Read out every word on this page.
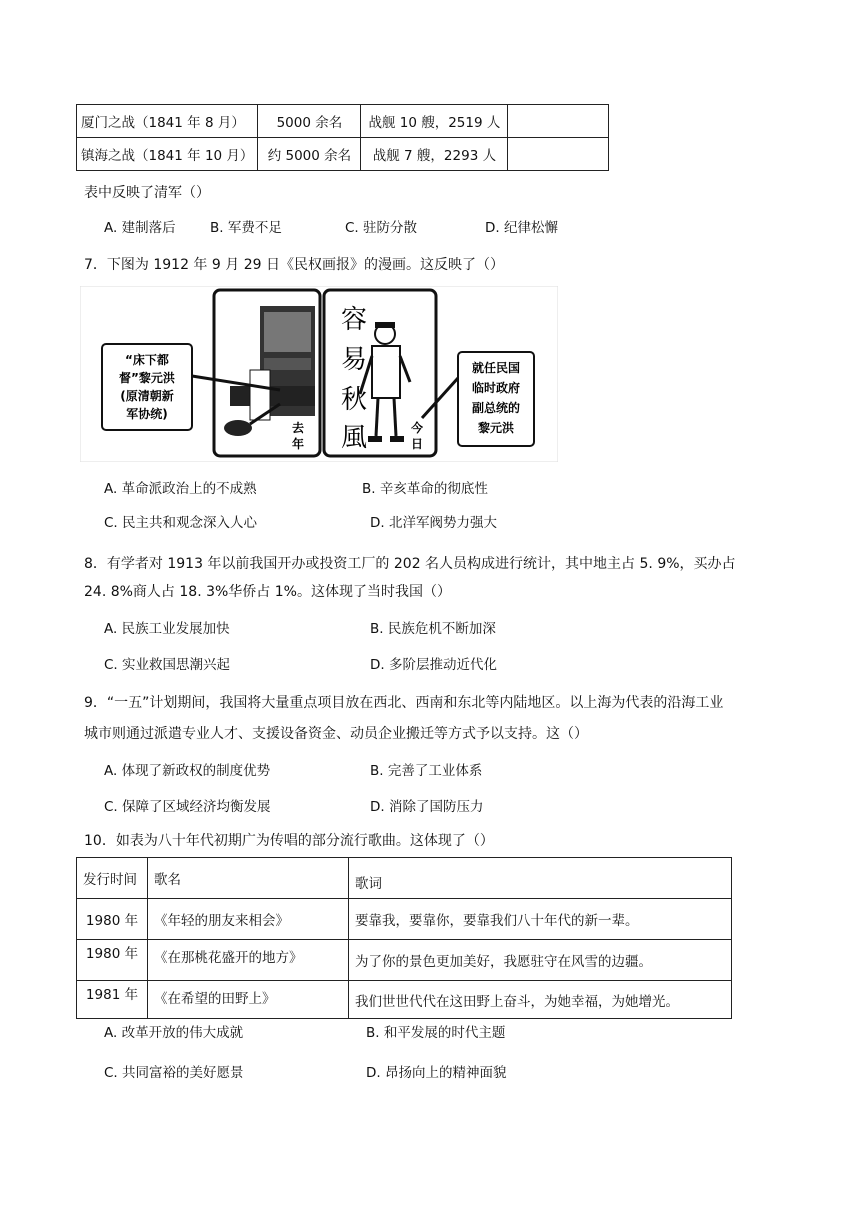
厦门之战（1841 年 8 月）	5000 余名	战舰 10 艘，2519 人	
镇海之战（1841 年 10 月）	约 5000 余名	战舰 7 艘，2293 人	
表中反映了清军（）
A. 建制落后	B. 军费不足	C. 驻防分散	D. 纪律松懈
7．下图为 1912 年 9 月 29 日《民权画报》的漫画。这反映了（）
“床下都
督”黎元洪
(原清朝新
军协统)
就任民国
临时政府
副总统的
黎元洪
去
年
今
日
容
易
秋
風
A. 革命派政治上的不成熟	B. 辛亥革命的彻底性
C. 民主共和观念深入人心	D. 北洋军阀势力强大
8．有学者对 1913 年以前我国开办或投资工厂的 202 名人员构成进行统计，其中地主占 5. 9%，买办占
24. 8%商人占 18. 3%华侨占 1%。这体现了当时我国（）
A. 民族工业发展加快	B. 民族危机不断加深
C. 实业救国思潮兴起	D. 多阶层推动近代化
9．“一五”计划期间，我国将大量重点项目放在西北、西南和东北等内陆地区。以上海为代表的沿海工业
城市则通过派遣专业人才、支援设备资金、动员企业搬迁等方式予以支持。这（）
A. 体现了新政权的制度优势	B. 完善了工业体系
C. 保障了区域经济均衡发展	D. 消除了国防压力
10．如表为八十年代初期广为传唱的部分流行歌曲。这体现了（）
发行时间	歌名	歌词
1980 年	《年轻的朋友来相会》	要靠我，要靠你，要靠我们八十年代的新一辈。
1980 年	《在那桃花盛开的地方》	为了你的景色更加美好，我愿驻守在风雪的边疆。
1981 年	《在希望的田野上》	我们世世代代在这田野上奋斗，为她幸福，为她增光。
A. 改革开放的伟大成就	B. 和平发展的时代主题
C. 共同富裕的美好愿景	D. 昂扬向上的精神面貌
